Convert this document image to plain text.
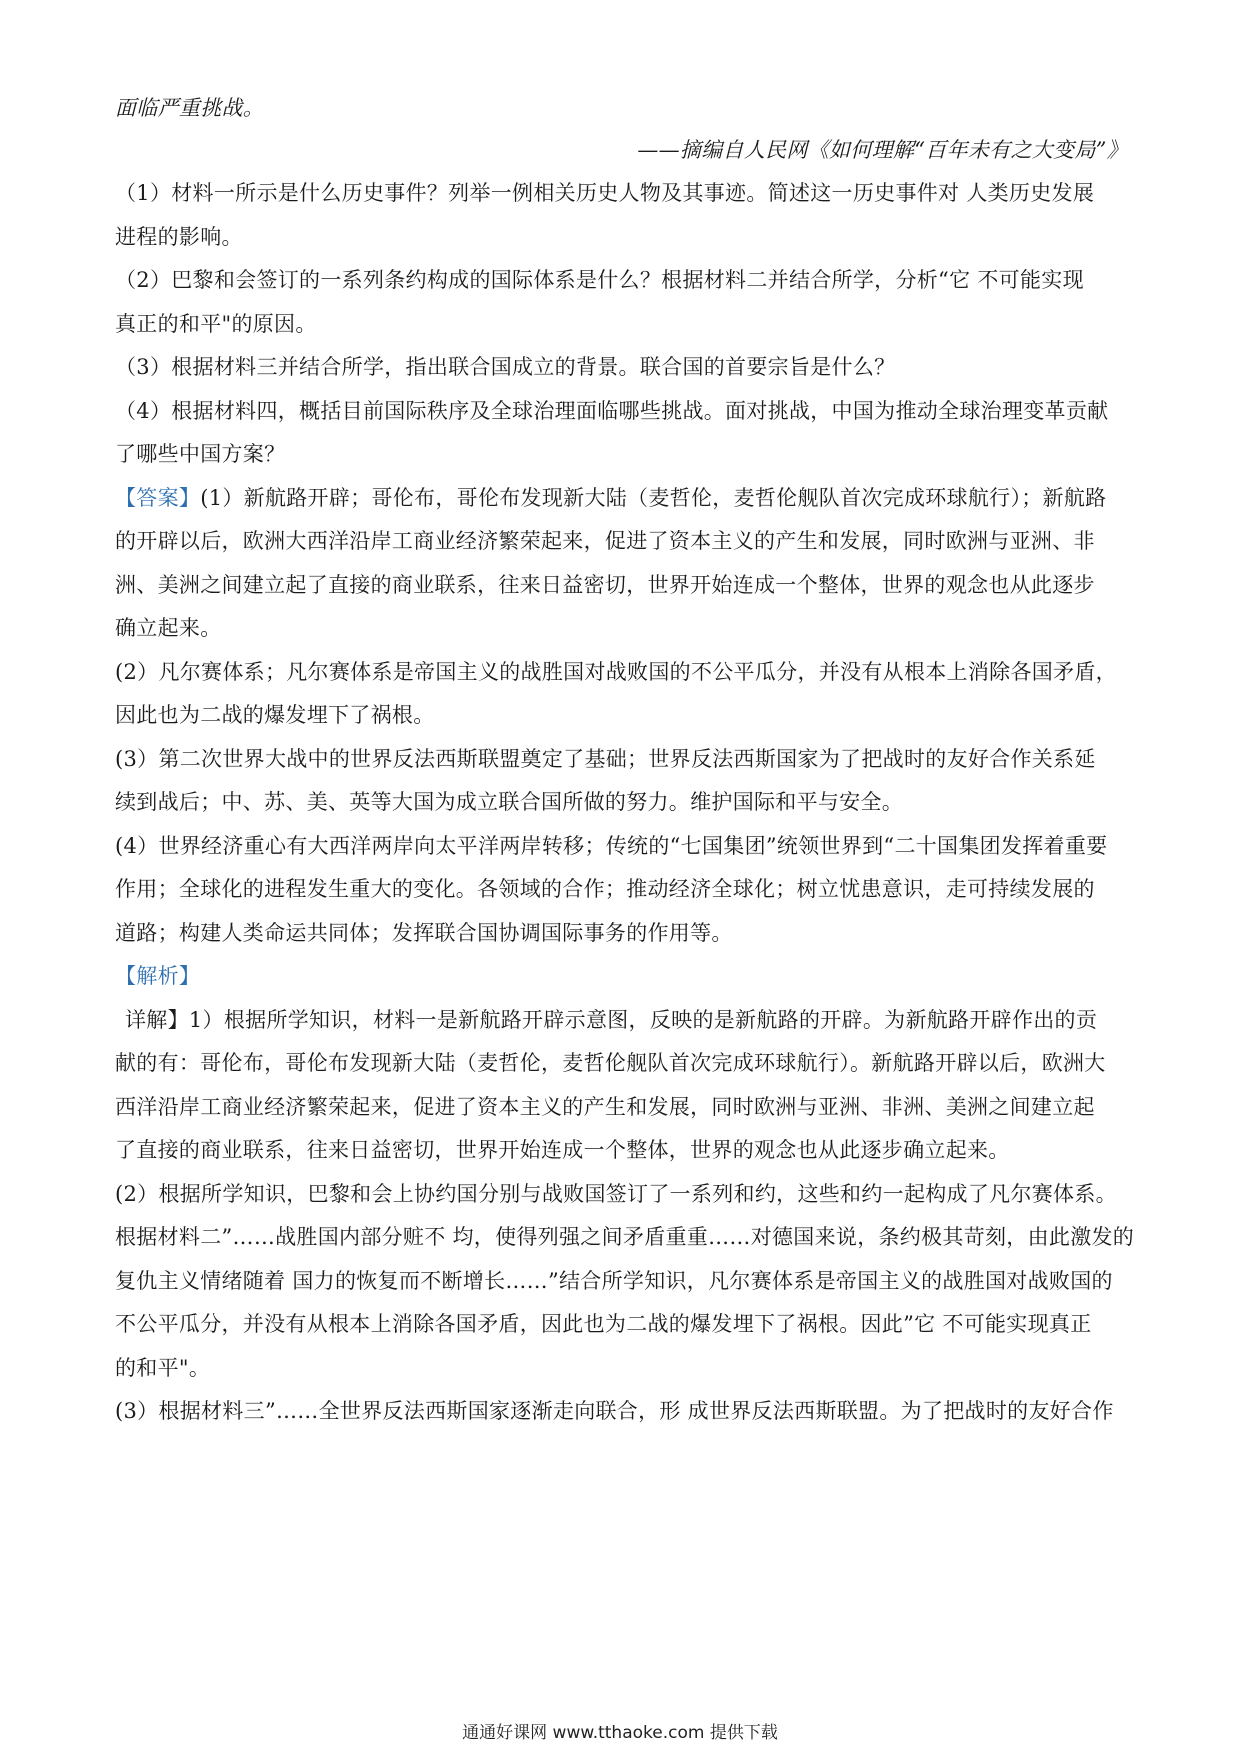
面临严重挑战。
——摘编自人民网《如何理解“百年未有之大变局”》
（1）材料一所示是什么历史事件？列举一例相关历史人物及其事迹。简述这一历史事件对 人类历史发展
进程的影响。
（2）巴黎和会签订的一系列条约构成的国际体系是什么？根据材料二并结合所学，分析“它 不可能实现
真正的和平"的原因。
（3）根据材料三并结合所学，指出联合国成立的背景。联合国的首要宗旨是什么？
（4）根据材料四，概括目前国际秩序及全球治理面临哪些挑战。面对挑战，中国为推动全球治理变革贡献
了哪些中国方案？
【答案】(1）新航路开辟；哥伦布，哥伦布发现新大陆（麦哲伦，麦哲伦舰队首次完成环球航行）；新航路
的开辟以后，欧洲大西洋沿岸工商业经济繁荣起来，促进了资本主义的产生和发展，同时欧洲与亚洲、非
洲、美洲之间建立起了直接的商业联系，往来日益密切，世界开始连成一个整体，世界的观念也从此逐步
确立起来。
(2）凡尔赛体系；凡尔赛体系是帝国主义的战胜国对战败国的不公平瓜分，并没有从根本上消除各国矛盾，
因此也为二战的爆发埋下了祸根。
(3）第二次世界大战中的世界反法西斯联盟奠定了基础；世界反法西斯国家为了把战时的友好合作关系延
续到战后；中、苏、美、英等大国为成立联合国所做的努力。维护国际和平与安全。
(4）世界经济重心有大西洋两岸向太平洋两岸转移；传统的“七国集团”统领世界到“二十国集团发挥着重要
作用；全球化的进程发生重大的变化。各领域的合作；推动经济全球化；树立忧患意识，走可持续发展的
道路；构建人类命运共同体；发挥联合国协调国际事务的作用等。
【解析】
详解】1）根据所学知识，材料一是新航路开辟示意图，反映的是新航路的开辟。为新航路开辟作出的贡
献的有：哥伦布，哥伦布发现新大陆（麦哲伦，麦哲伦舰队首次完成环球航行）。新航路开辟以后，欧洲大
西洋沿岸工商业经济繁荣起来，促进了资本主义的产生和发展，同时欧洲与亚洲、非洲、美洲之间建立起
了直接的商业联系，往来日益密切，世界开始连成一个整体，世界的观念也从此逐步确立起来。
(2）根据所学知识，巴黎和会上协约国分别与战败国签订了一系列和约，这些和约一起构成了凡尔赛体系。
根据材料二”……战胜国内部分赃不 均，使得列强之间矛盾重重……对德国来说，条约极其苛刻，由此激发的
复仇主义情绪随着 国力的恢复而不断增长……”结合所学知识，凡尔赛体系是帝国主义的战胜国对战败国的
不公平瓜分，并没有从根本上消除各国矛盾，因此也为二战的爆发埋下了祸根。因此”它 不可能实现真正
的和平"。
(3）根据材料三”……全世界反法西斯国家逐渐走向联合，形 成世界反法西斯联盟。为了把战时的友好合作
通通好课网 www.tthaoke.com 提供下载
